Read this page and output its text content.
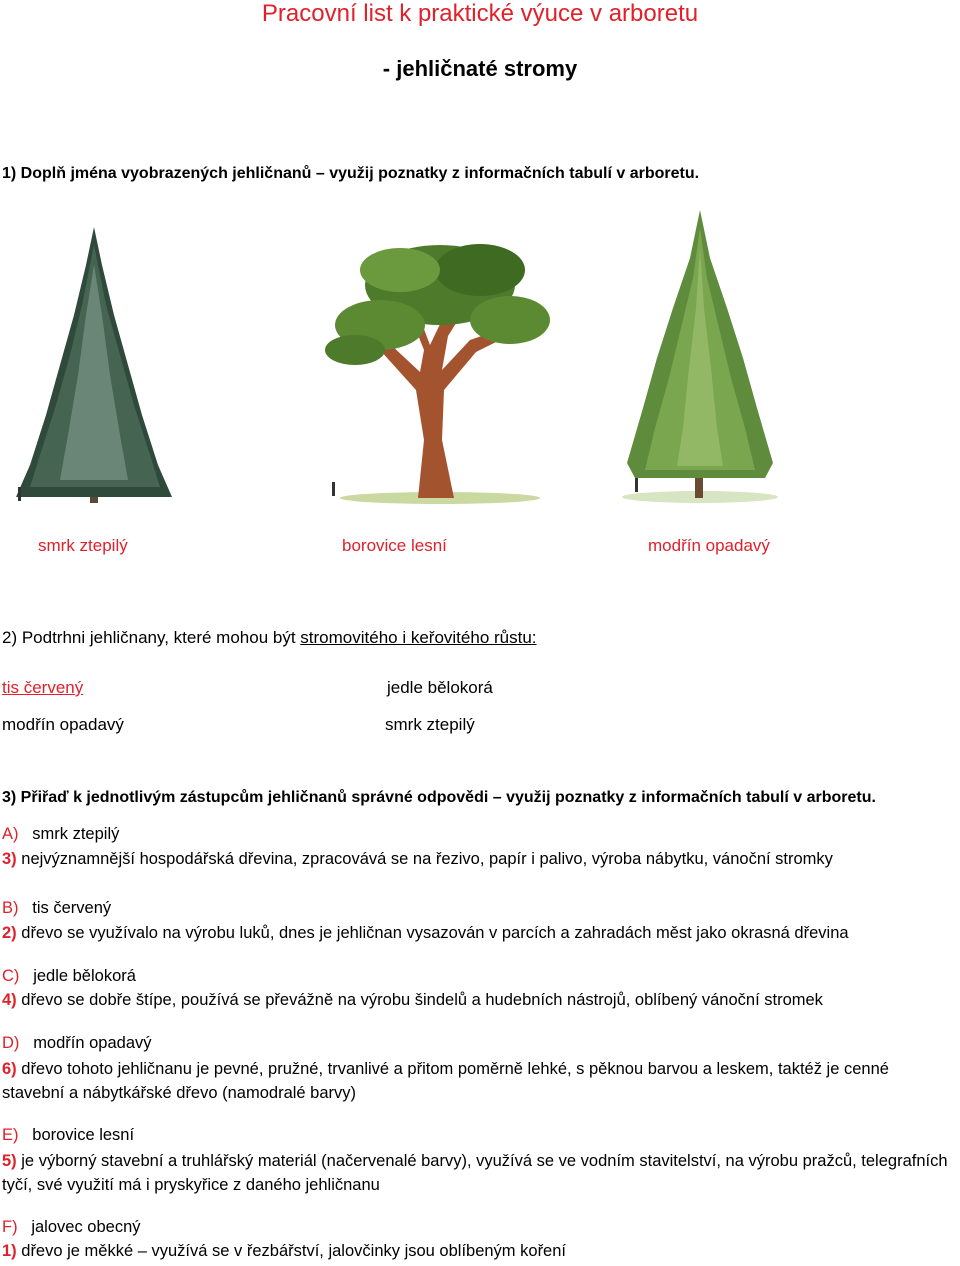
Pracovní list k praktické výuce v arboretu
- jehličnaté stromy
1) Doplň jména vyobrazených jehličnanů – využij poznatky z informačních tabulí v arboretu.
smrk ztepilý	borovice lesní	modřín opadavý
2) Podtrhni jehličnany, které mohou být stromovitého i keřovitého růstu:
tis červený	jedle bělokorá
modřín opadavý	smrk ztepilý
3) Přiřaď k jednotlivým zástupcům jehličnanů správné odpovědi – využij poznatky z informačních tabulí v arboretu.
A) smrk ztepilý
3) nejvýznamnější hospodářská dřevina, zpracovává se na řezivo, papír i palivo, výroba nábytku, vánoční stromky
B) tis červený
2) dřevo se využívalo na výrobu luků, dnes je jehličnan vysazován v parcích a zahradách měst jako okrasná dřevina
C) jedle bělokorá
4) dřevo se dobře štípe, používá se převážně na výrobu šindelů a hudebních nástrojů, oblíbený vánoční stromek
D) modřín opadavý
6) dřevo tohoto jehličnanu je pevné, pružné, trvanlivé a přitom poměrně lehké, s pěknou barvou a leskem, taktéž je cenné stavební a nábytkářské dřevo (namodralé barvy)
E) borovice lesní
5) je výborný stavební a truhlářský materiál (načervenalé barvy), využívá se ve vodním stavitelství, na výrobu pražců, telegrafních tyčí, své využití má i pryskyřice z daného jehličnanu
F) jalovec obecný
1) dřevo je měkké – využívá se v řezbářství, jalovčinky jsou oblíbeným koření
